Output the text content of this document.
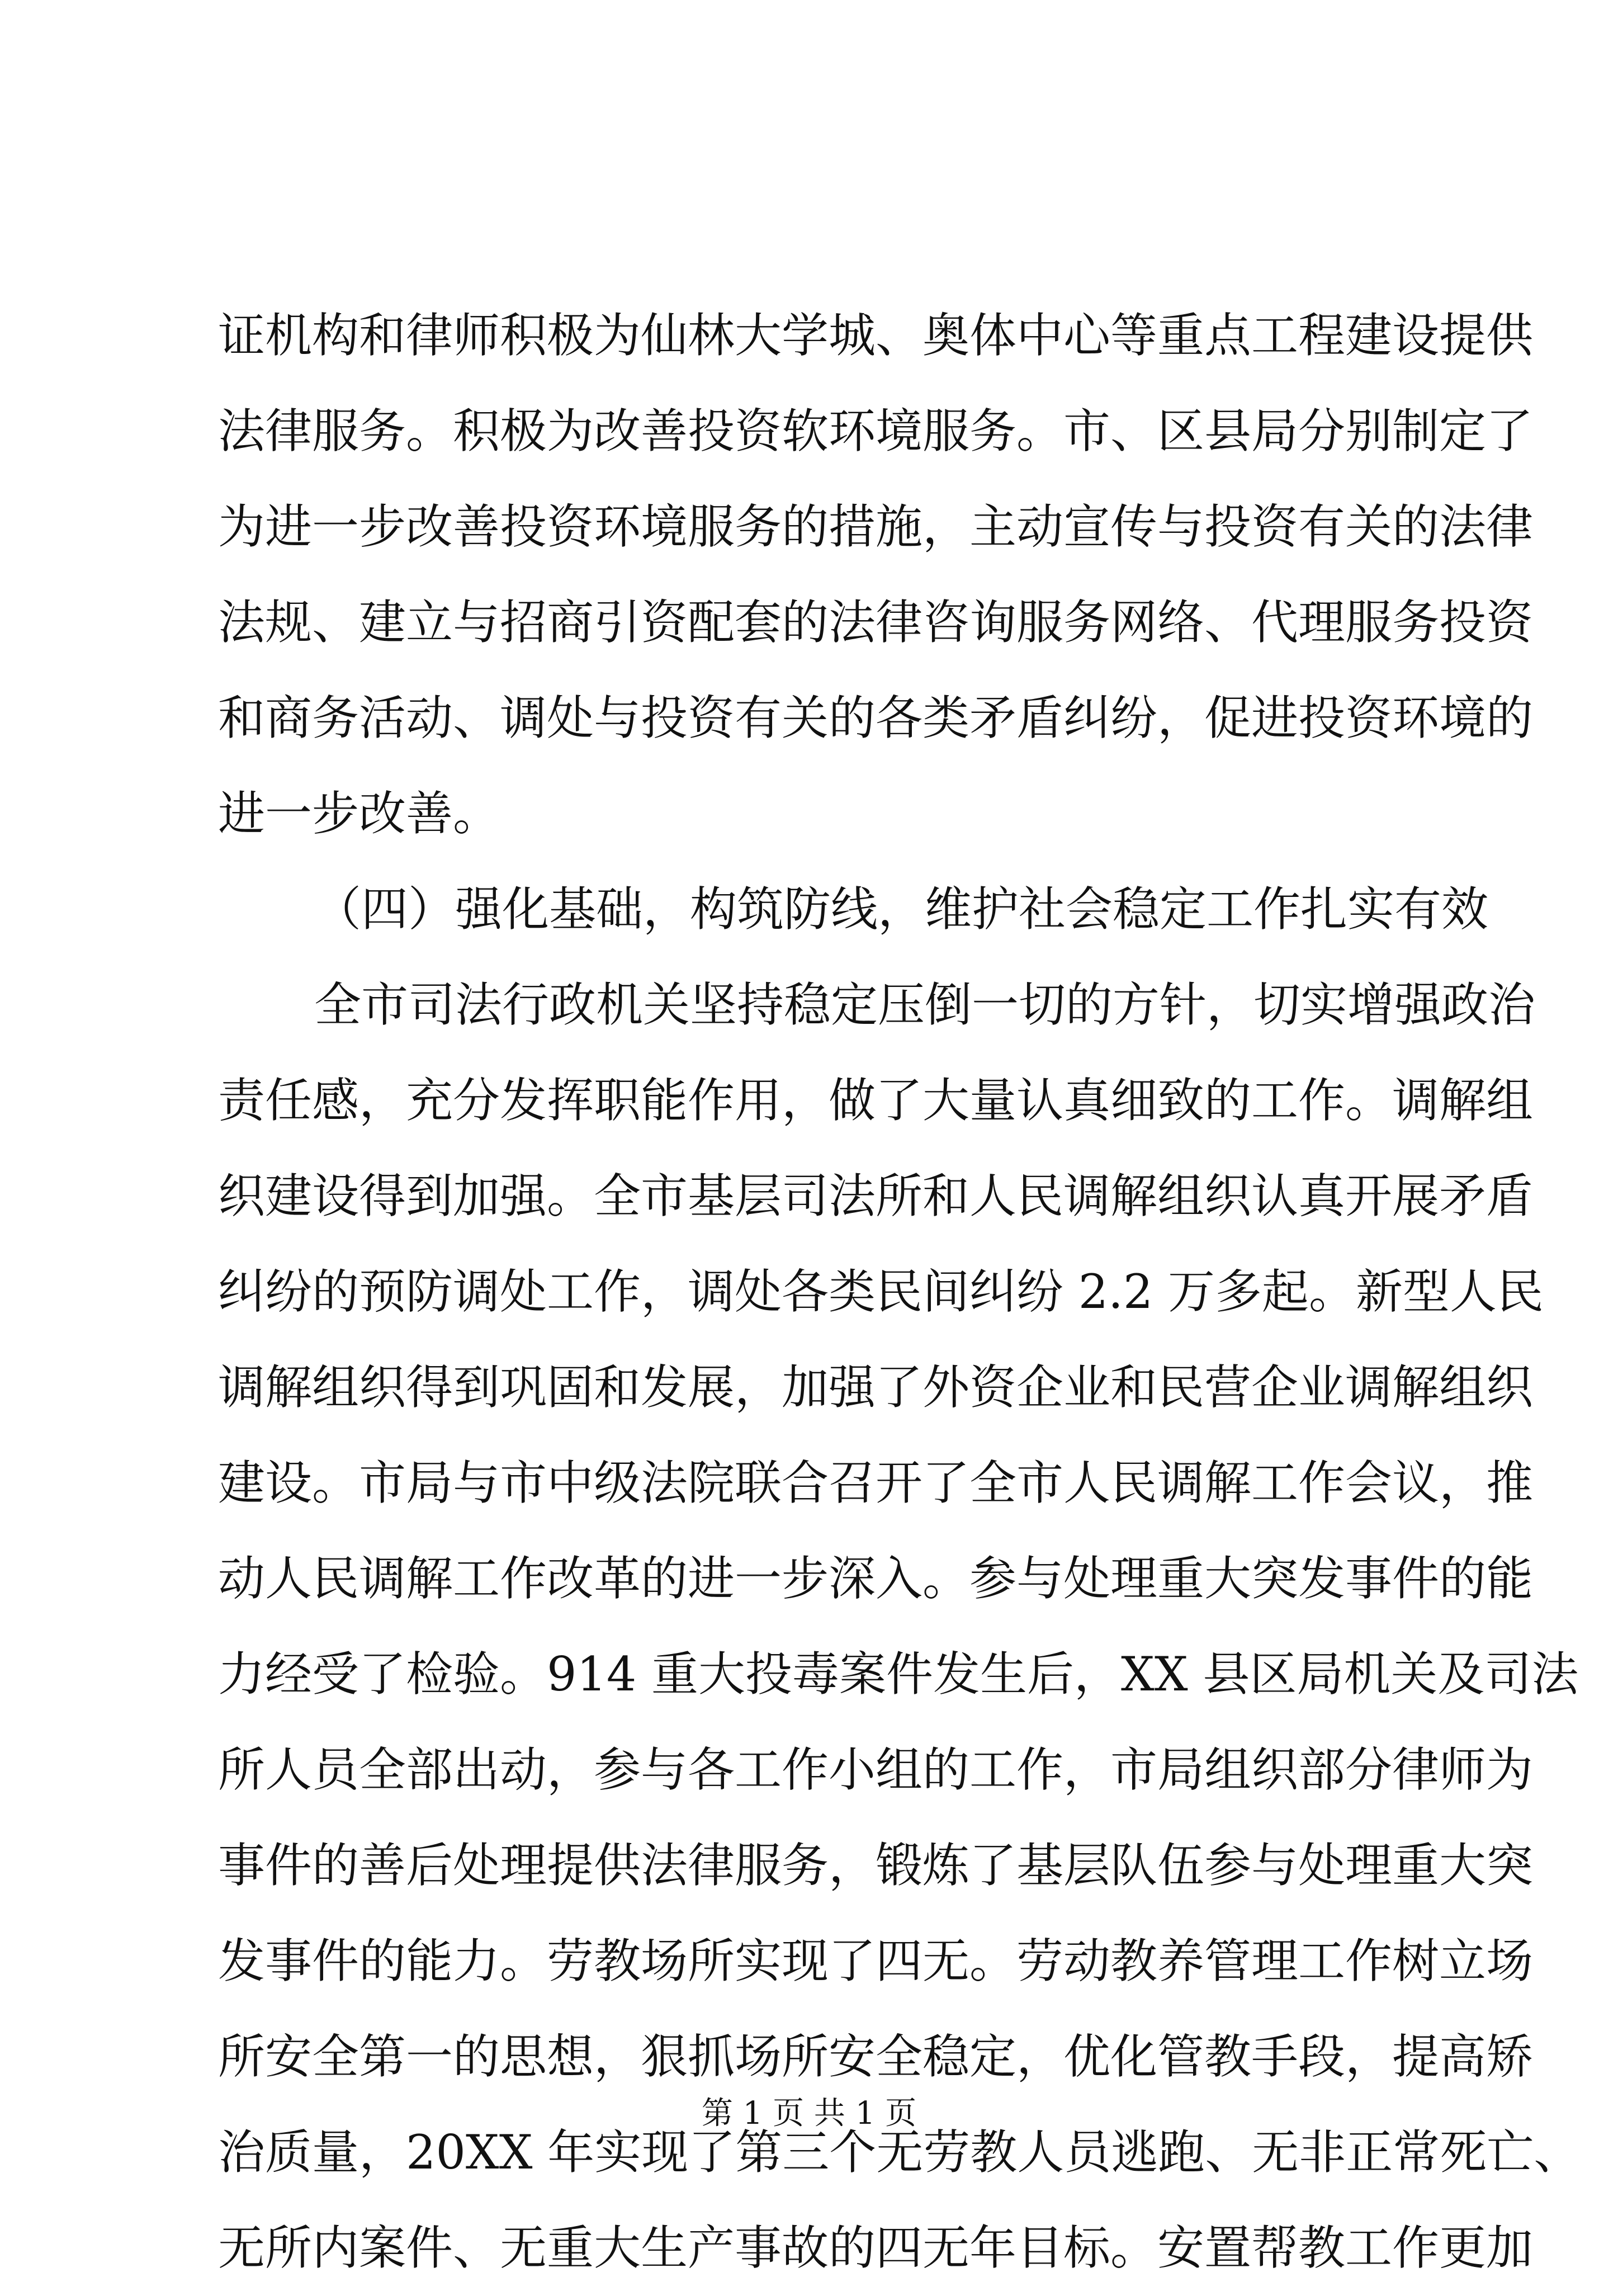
证机构和律师积极为仙林大学城、奥体中心等重点工程建设提供
法律服务。积极为改善投资软环境服务。市、区县局分别制定了
为进一步改善投资环境服务的措施，主动宣传与投资有关的法律
法规、建立与招商引资配套的法律咨询服务网络、代理服务投资
和商务活动、调处与投资有关的各类矛盾纠纷，促进投资环境的
进一步改善。
（四）强化基础，构筑防线，维护社会稳定工作扎实有效
全市司法行政机关坚持稳定压倒一切的方针，切实增强政治
责任感，充分发挥职能作用，做了大量认真细致的工作。调解组
织建设得到加强。全市基层司法所和人民调解组织认真开展矛盾
纠纷的预防调处工作，调处各类民间纠纷 2.2 万多起。新型人民
调解组织得到巩固和发展，加强了外资企业和民营企业调解组织
建设。市局与市中级法院联合召开了全市人民调解工作会议，推
动人民调解工作改革的进一步深入。参与处理重大突发事件的能
力经受了检验。914 重大投毒案件发生后，XX 县区局机关及司法
所人员全部出动，参与各工作小组的工作，市局组织部分律师为
事件的善后处理提供法律服务，锻炼了基层队伍参与处理重大突
发事件的能力。劳教场所实现了四无。劳动教养管理工作树立场
所安全第一的思想，狠抓场所安全稳定，优化管教手段，提高矫
治质量，20XX 年实现了第三个无劳教人员逃跑、无非正常死亡、
无所内案件、无重大生产事故的四无年目标。安置帮教工作更加
第 1 页 共 1 页
